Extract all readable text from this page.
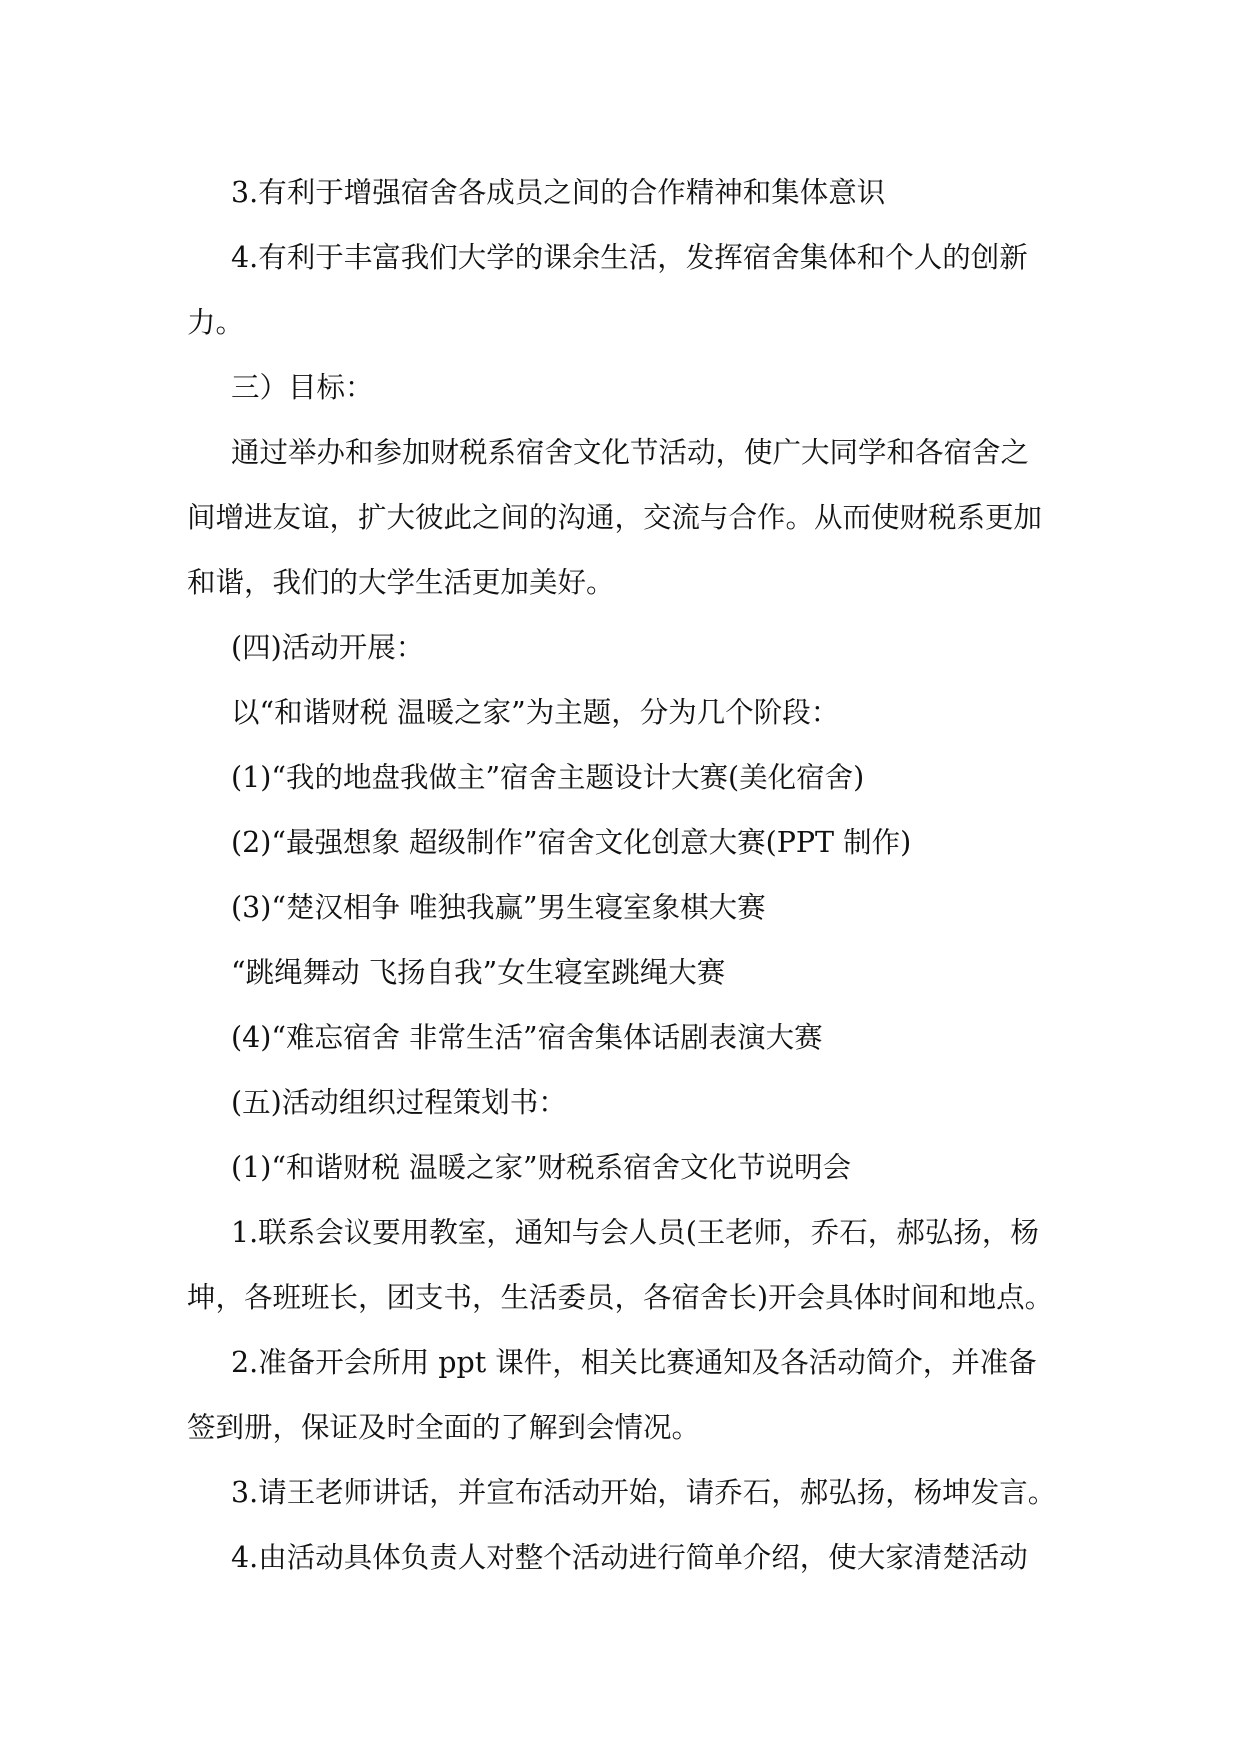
3.有利于增强宿舍各成员之间的合作精神和集体意识
4.有利于丰富我们大学的课余生活，发挥宿舍集体和个人的创新
力。
三）目标：
通过举办和参加财税系宿舍文化节活动，使广大同学和各宿舍之
间增进友谊，扩大彼此之间的沟通，交流与合作。从而使财税系更加
和谐，我们的大学生活更加美好。
(四)活动开展：
以“和谐财税 温暖之家”为主题，分为几个阶段：
(1)“我的地盘我做主”宿舍主题设计大赛(美化宿舍)
(2)“最强想象 超级制作”宿舍文化创意大赛(PPT 制作)
(3)“楚汉相争 唯独我赢”男生寝室象棋大赛
“跳绳舞动 飞扬自我”女生寝室跳绳大赛
(4)“难忘宿舍 非常生活”宿舍集体话剧表演大赛
(五)活动组织过程策划书：
(1)“和谐财税 温暖之家”财税系宿舍文化节说明会
1.联系会议要用教室，通知与会人员(王老师，乔石，郝弘扬，杨
坤，各班班长，团支书，生活委员，各宿舍长)开会具体时间和地点。
2.准备开会所用 ppt 课件，相关比赛通知及各活动简介，并准备
签到册，保证及时全面的了解到会情况。
3.请王老师讲话，并宣布活动开始，请乔石，郝弘扬，杨坤发言。
4.由活动具体负责人对整个活动进行简单介绍，使大家清楚活动
